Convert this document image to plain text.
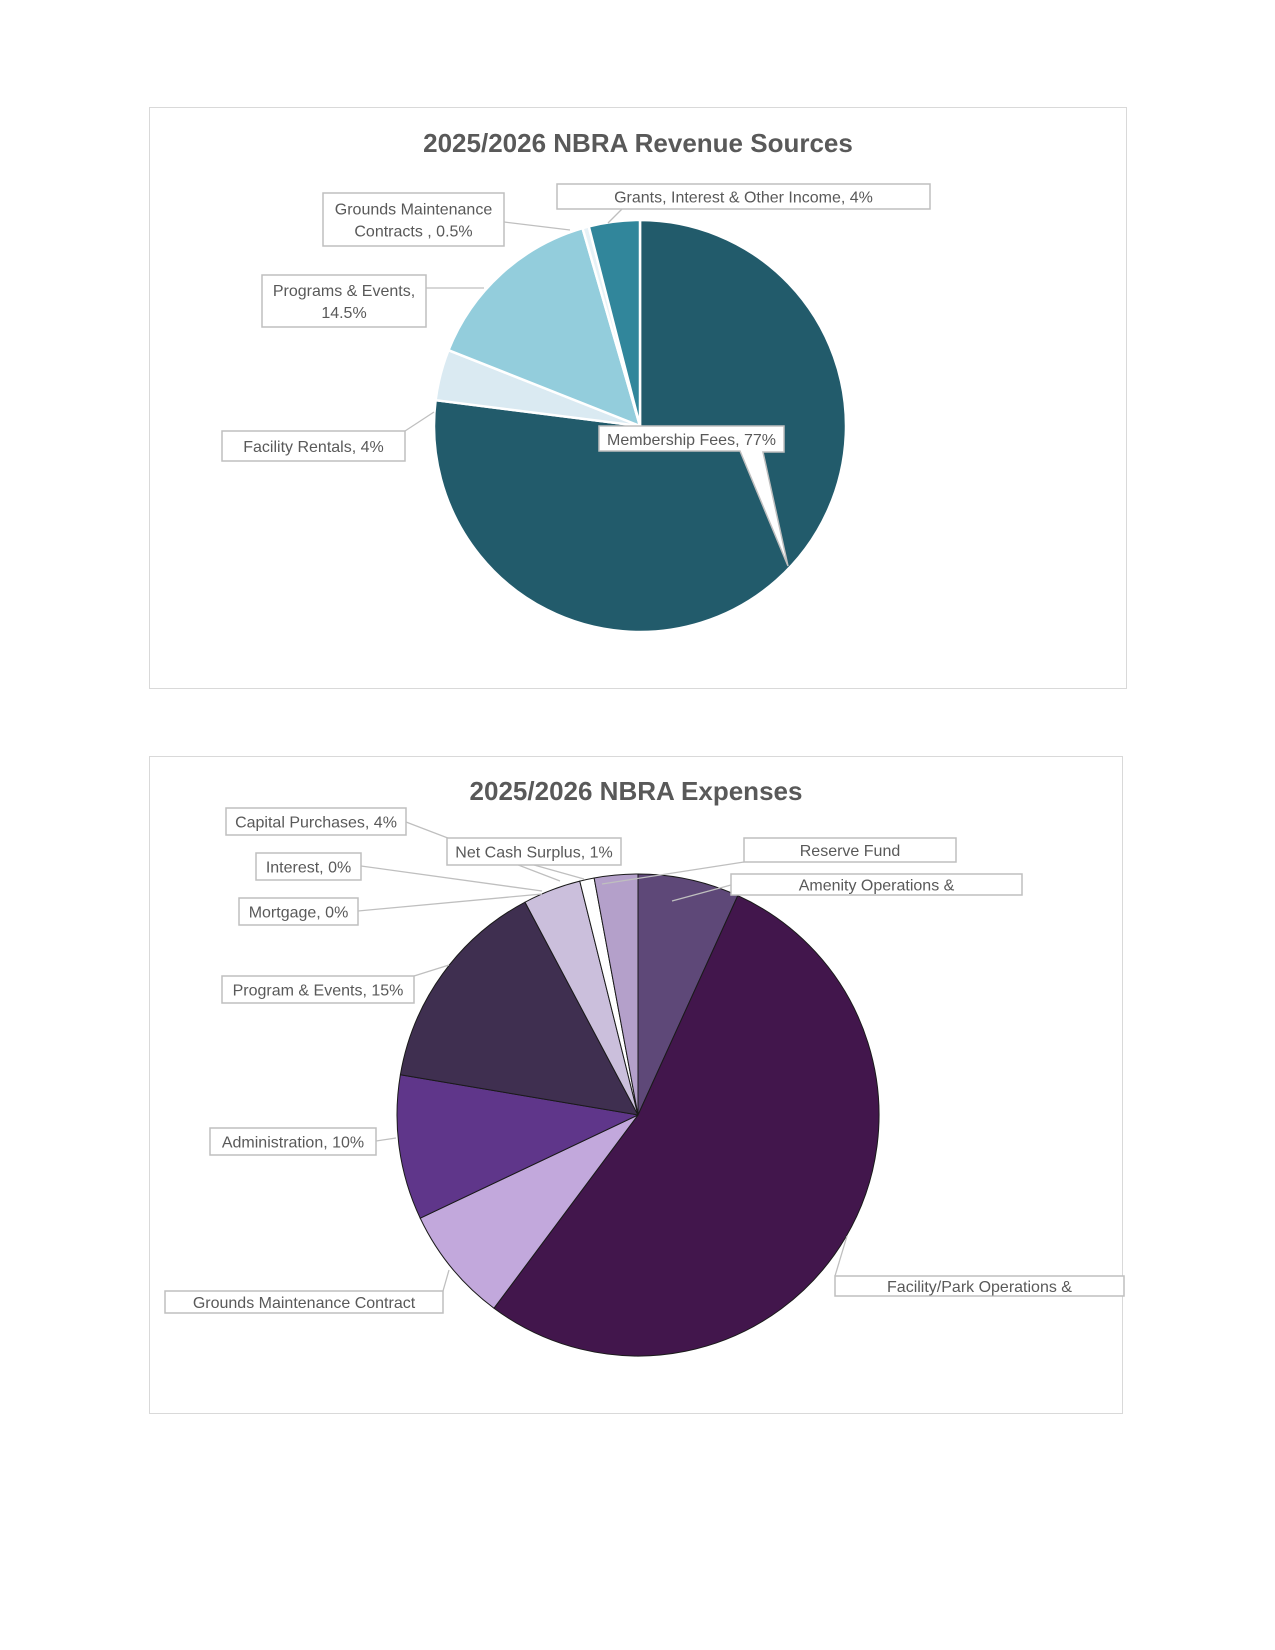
2025/2026 NBRA Revenue Sources
Membership Fees, 77%
Facility Rentals, 4%
Programs & Events, 14.5%
Grounds Maintenance Contracts , 0.5%
Grants, Interest & Other Income, 4%
2025/2026 NBRA Expenses
Reserve Fund
Facility/Park Operations &
Grounds Maintenance Contract
Administration, 10%
Program & Events, 15%
Mortgage, 0%
Interest, 0%
Capital Purchases, 4%
Net Cash Surplus, 1%
Amenity Operations &
